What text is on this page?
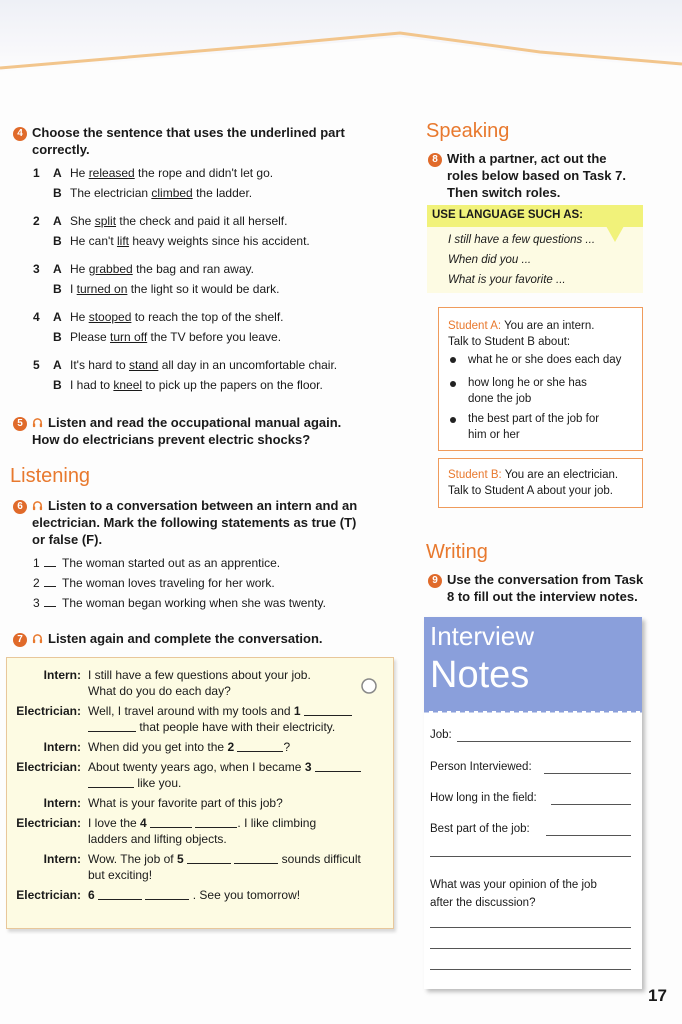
4 Choose the sentence that uses the underlined part
correctly.
1 A He released the rope and didn't let go.
B The electrician climbed the ladder.
2 A She split the check and paid it all herself.
B He can't lift heavy weights since his accident.
3 A He grabbed the bag and ran away.
B I turned on the light so it would be dark.
4 A He stooped to reach the top of the shelf.
B Please turn off the TV before you leave.
5 A It's hard to stand all day in an uncomfortable chair.
B I had to kneel to pick up the papers on the floor.
5 Listen and read the occupational manual again.
How do electricians prevent electric shocks?
Listening
6 Listen to a conversation between an intern and an
electrician. Mark the following statements as true (T)
or false (F).
1 The woman started out as an apprentice.
2 The woman loves traveling for her work.
3 The woman began working when she was twenty.
7 Listen again and complete the conversation.
Intern: I still have a few questions about your job.
What do you do each day?
Electrician: Well, I travel around with my tools and 1
that people have with their electricity.
Intern: When did you get into the 2	?
Electrician: About twenty years ago, when I became 3
like you.
Intern: What is your favorite part of this job?
Electrician: I love the 4	. I like climbing
ladders and lifting objects.
Intern: Wow. The job of 5	sounds difficult
but exciting!
Electrician: 6	. See you tomorrow!
Speaking
8 With a partner, act out the
roles below based on Task 7.
Then switch roles.
USE LANGUAGE SUCH AS:
I still have a few questions ...
When did you ...
What is your favorite ...
Student A: You are an intern.
Talk to Student B about:
what he or she does each day
how long he or she has
done the job
the best part of the job for
him or her
Student B: You are an electrician.
Talk to Student A about your job.
Writing
9 Use the conversation from Task
8 to fill out the interview notes.
Interview
Notes
Job:
Person Interviewed:
How long in the field:
Best part of the job:
What was your opinion of the job
after the discussion?
17
